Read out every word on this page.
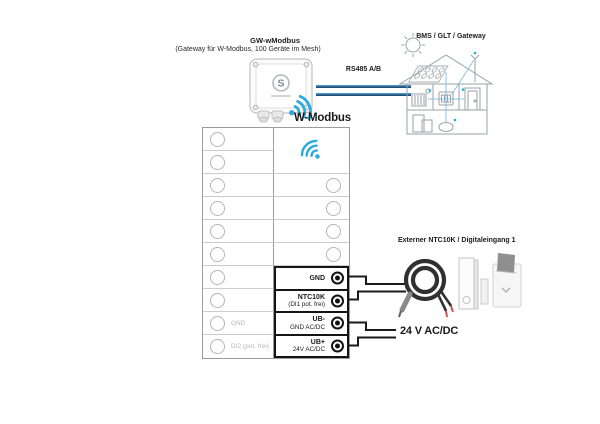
GW-wModbus
(Gateway für W-Modbus, 100 Geräte im Mesh)
S
RS485 A/B
BMS / GLT / Gateway
W-Modbus
GND
DI2 (pot. frei)
GND
NTC10K
(DI1 pot. frei)
UB-
GND AC/DC
UB+
24V AC/DC
Externer NTC10K / Digitaleingang 1
24 V AC/DC
